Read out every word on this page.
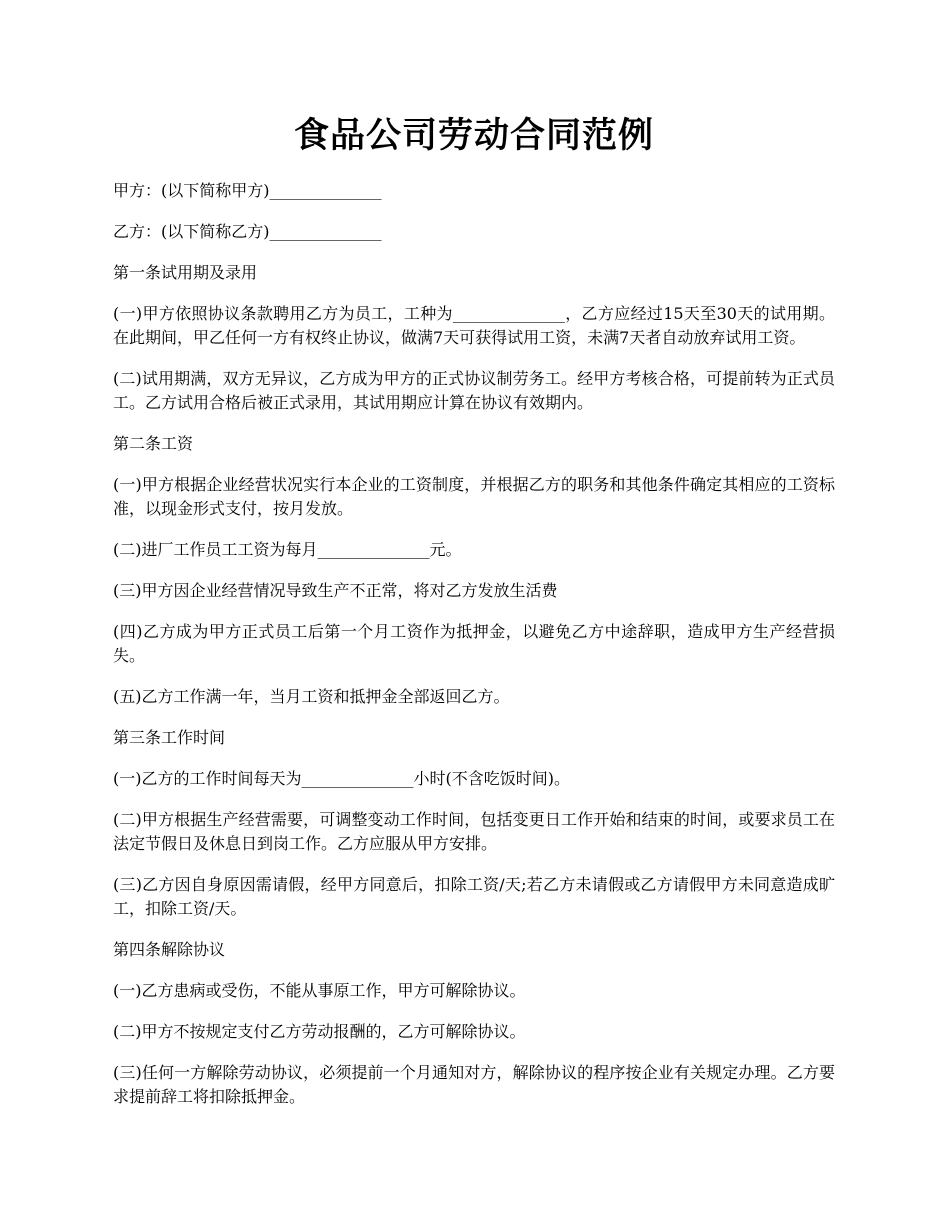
食品公司劳动合同范例

甲方：(以下简称甲方)______________

乙方：(以下简称乙方)______________

第一条试用期及录用

(一)甲方依照协议条款聘用乙方为员工，工种为______________，乙方应经过15天至30天的试用期。在此期间，甲乙任何一方有权终止协议，做满7天可获得试用工资，未满7天者自动放弃试用工资。

(二)试用期满，双方无异议，乙方成为甲方的正式协议制劳务工。经甲方考核合格，可提前转为正式员工。乙方试用合格后被正式录用，其试用期应计算在协议有效期内。

第二条工资

(一)甲方根据企业经营状况实行本企业的工资制度，并根据乙方的职务和其他条件确定其相应的工资标准，以现金形式支付，按月发放。

(二)进厂工作员工工资为每月______________元。

(三)甲方因企业经营情况导致生产不正常，将对乙方发放生活费

(四)乙方成为甲方正式员工后第一个月工资作为抵押金，以避免乙方中途辞职，造成甲方生产经营损失。

(五)乙方工作满一年，当月工资和抵押金全部返回乙方。

第三条工作时间

(一)乙方的工作时间每天为______________小时(不含吃饭时间)。

(二)甲方根据生产经营需要，可调整变动工作时间，包括变更日工作开始和结束的时间，或要求员工在法定节假日及休息日到岗工作。乙方应服从甲方安排。

(三)乙方因自身原因需请假，经甲方同意后，扣除工资/天;若乙方未请假或乙方请假甲方未同意造成旷工，扣除工资/天。

第四条解除协议

(一)乙方患病或受伤，不能从事原工作，甲方可解除协议。

(二)甲方不按规定支付乙方劳动报酬的，乙方可解除协议。

(三)任何一方解除劳动协议，必须提前一个月通知对方，解除协议的程序按企业有关规定办理。乙方要求提前辞工将扣除抵押金。
